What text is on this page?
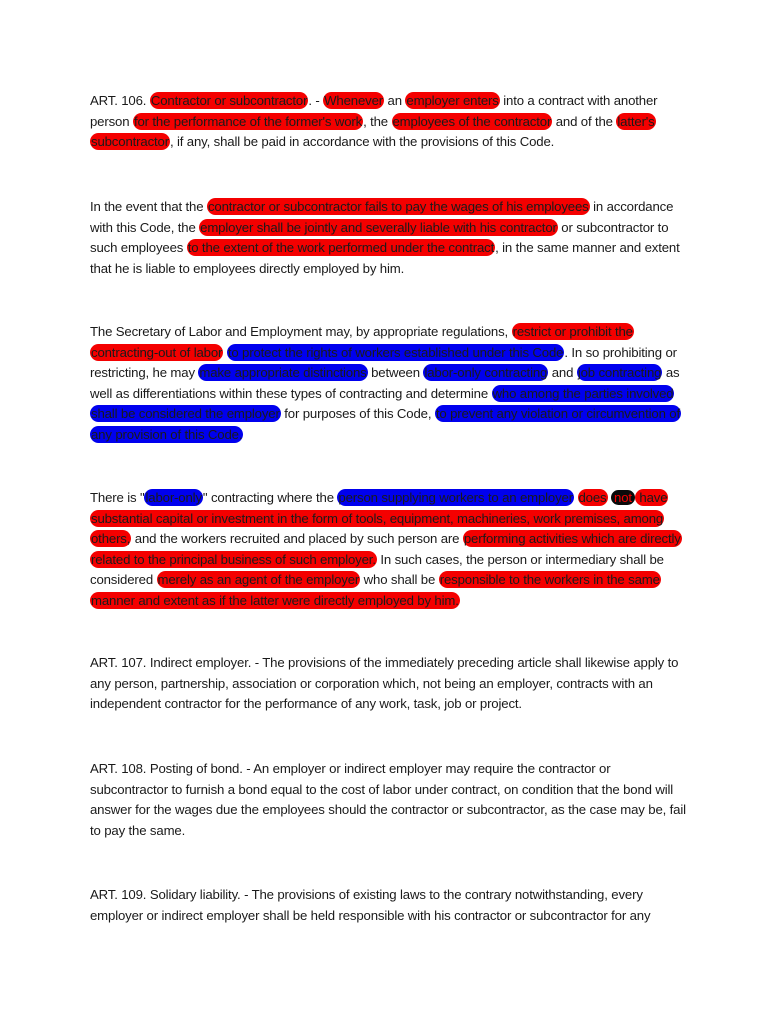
ART. 106. Contractor or subcontractor. - Whenever an employer enters into a contract with another person for the performance of the former's work, the employees of the contractor and of the latter's subcontractor, if any, shall be paid in accordance with the provisions of this Code.
In the event that the contractor or subcontractor fails to pay the wages of his employees in accordance with this Code, the employer shall be jointly and severally liable with his contractor or subcontractor to such employees to the extent of the work performed under the contract, in the same manner and extent that he is liable to employees directly employed by him.
The Secretary of Labor and Employment may, by appropriate regulations, restrict or prohibit the contracting-out of labor to protect the rights of workers established under this Code. In so prohibiting or restricting, he may make appropriate distinctions between labor-only contracting and job contracting as well as differentiations within these types of contracting and determine who among the parties involved shall be considered the employer for purposes of this Code, to prevent any violation or circumvention of any provision of this Code.
There is "labor-only" contracting where the person supplying workers to an employer does not have substantial capital or investment in the form of tools, equipment, machineries, work premises, among others, and the workers recruited and placed by such person are performing activities which are directly related to the principal business of such employer. In such cases, the person or intermediary shall be considered merely as an agent of the employer who shall be responsible to the workers in the same manner and extent as if the latter were directly employed by him.
ART. 107. Indirect employer. - The provisions of the immediately preceding article shall likewise apply to any person, partnership, association or corporation which, not being an employer, contracts with an independent contractor for the performance of any work, task, job or project.
ART. 108. Posting of bond. - An employer or indirect employer may require the contractor or subcontractor to furnish a bond equal to the cost of labor under contract, on condition that the bond will answer for the wages due the employees should the contractor or subcontractor, as the case may be, fail to pay the same.
ART. 109. Solidary liability. - The provisions of existing laws to the contrary notwithstanding, every employer or indirect employer shall be held responsible with his contractor or subcontractor for any
